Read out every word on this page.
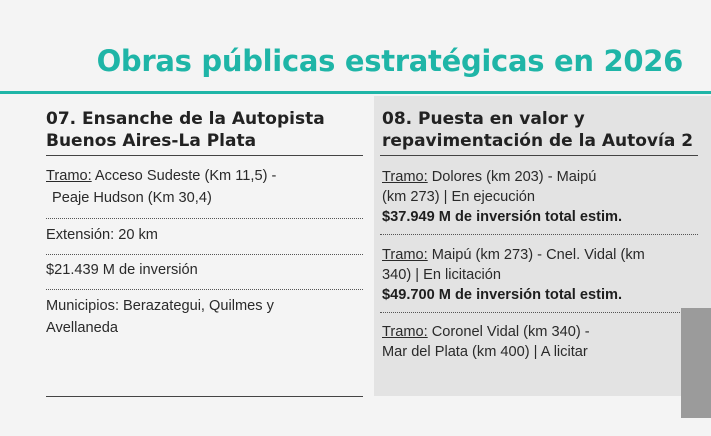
Obras públicas estratégicas en 2026
07. Ensanche de la Autopista
Buenos Aires-La Plata
Tramo: Acceso Sudeste (Km 11,5) -
Peaje Hudson (Km 30,4)
Extensión: 20 km
$21.439 M de inversión
Municipios: Berazategui, Quilmes y
Avellaneda
08. Puesta en valor y
repavimentación de la Autovía 2
Tramo: Dolores (km 203) - Maipú
(km 273) | En ejecución
$37.949 M de inversión total estim.
Tramo: Maipú (km 273) - Cnel. Vidal (km
340) | En licitación
$49.700 M de inversión total estim.
Tramo: Coronel Vidal (km 340) -
Mar del Plata (km 400) | A licitar
